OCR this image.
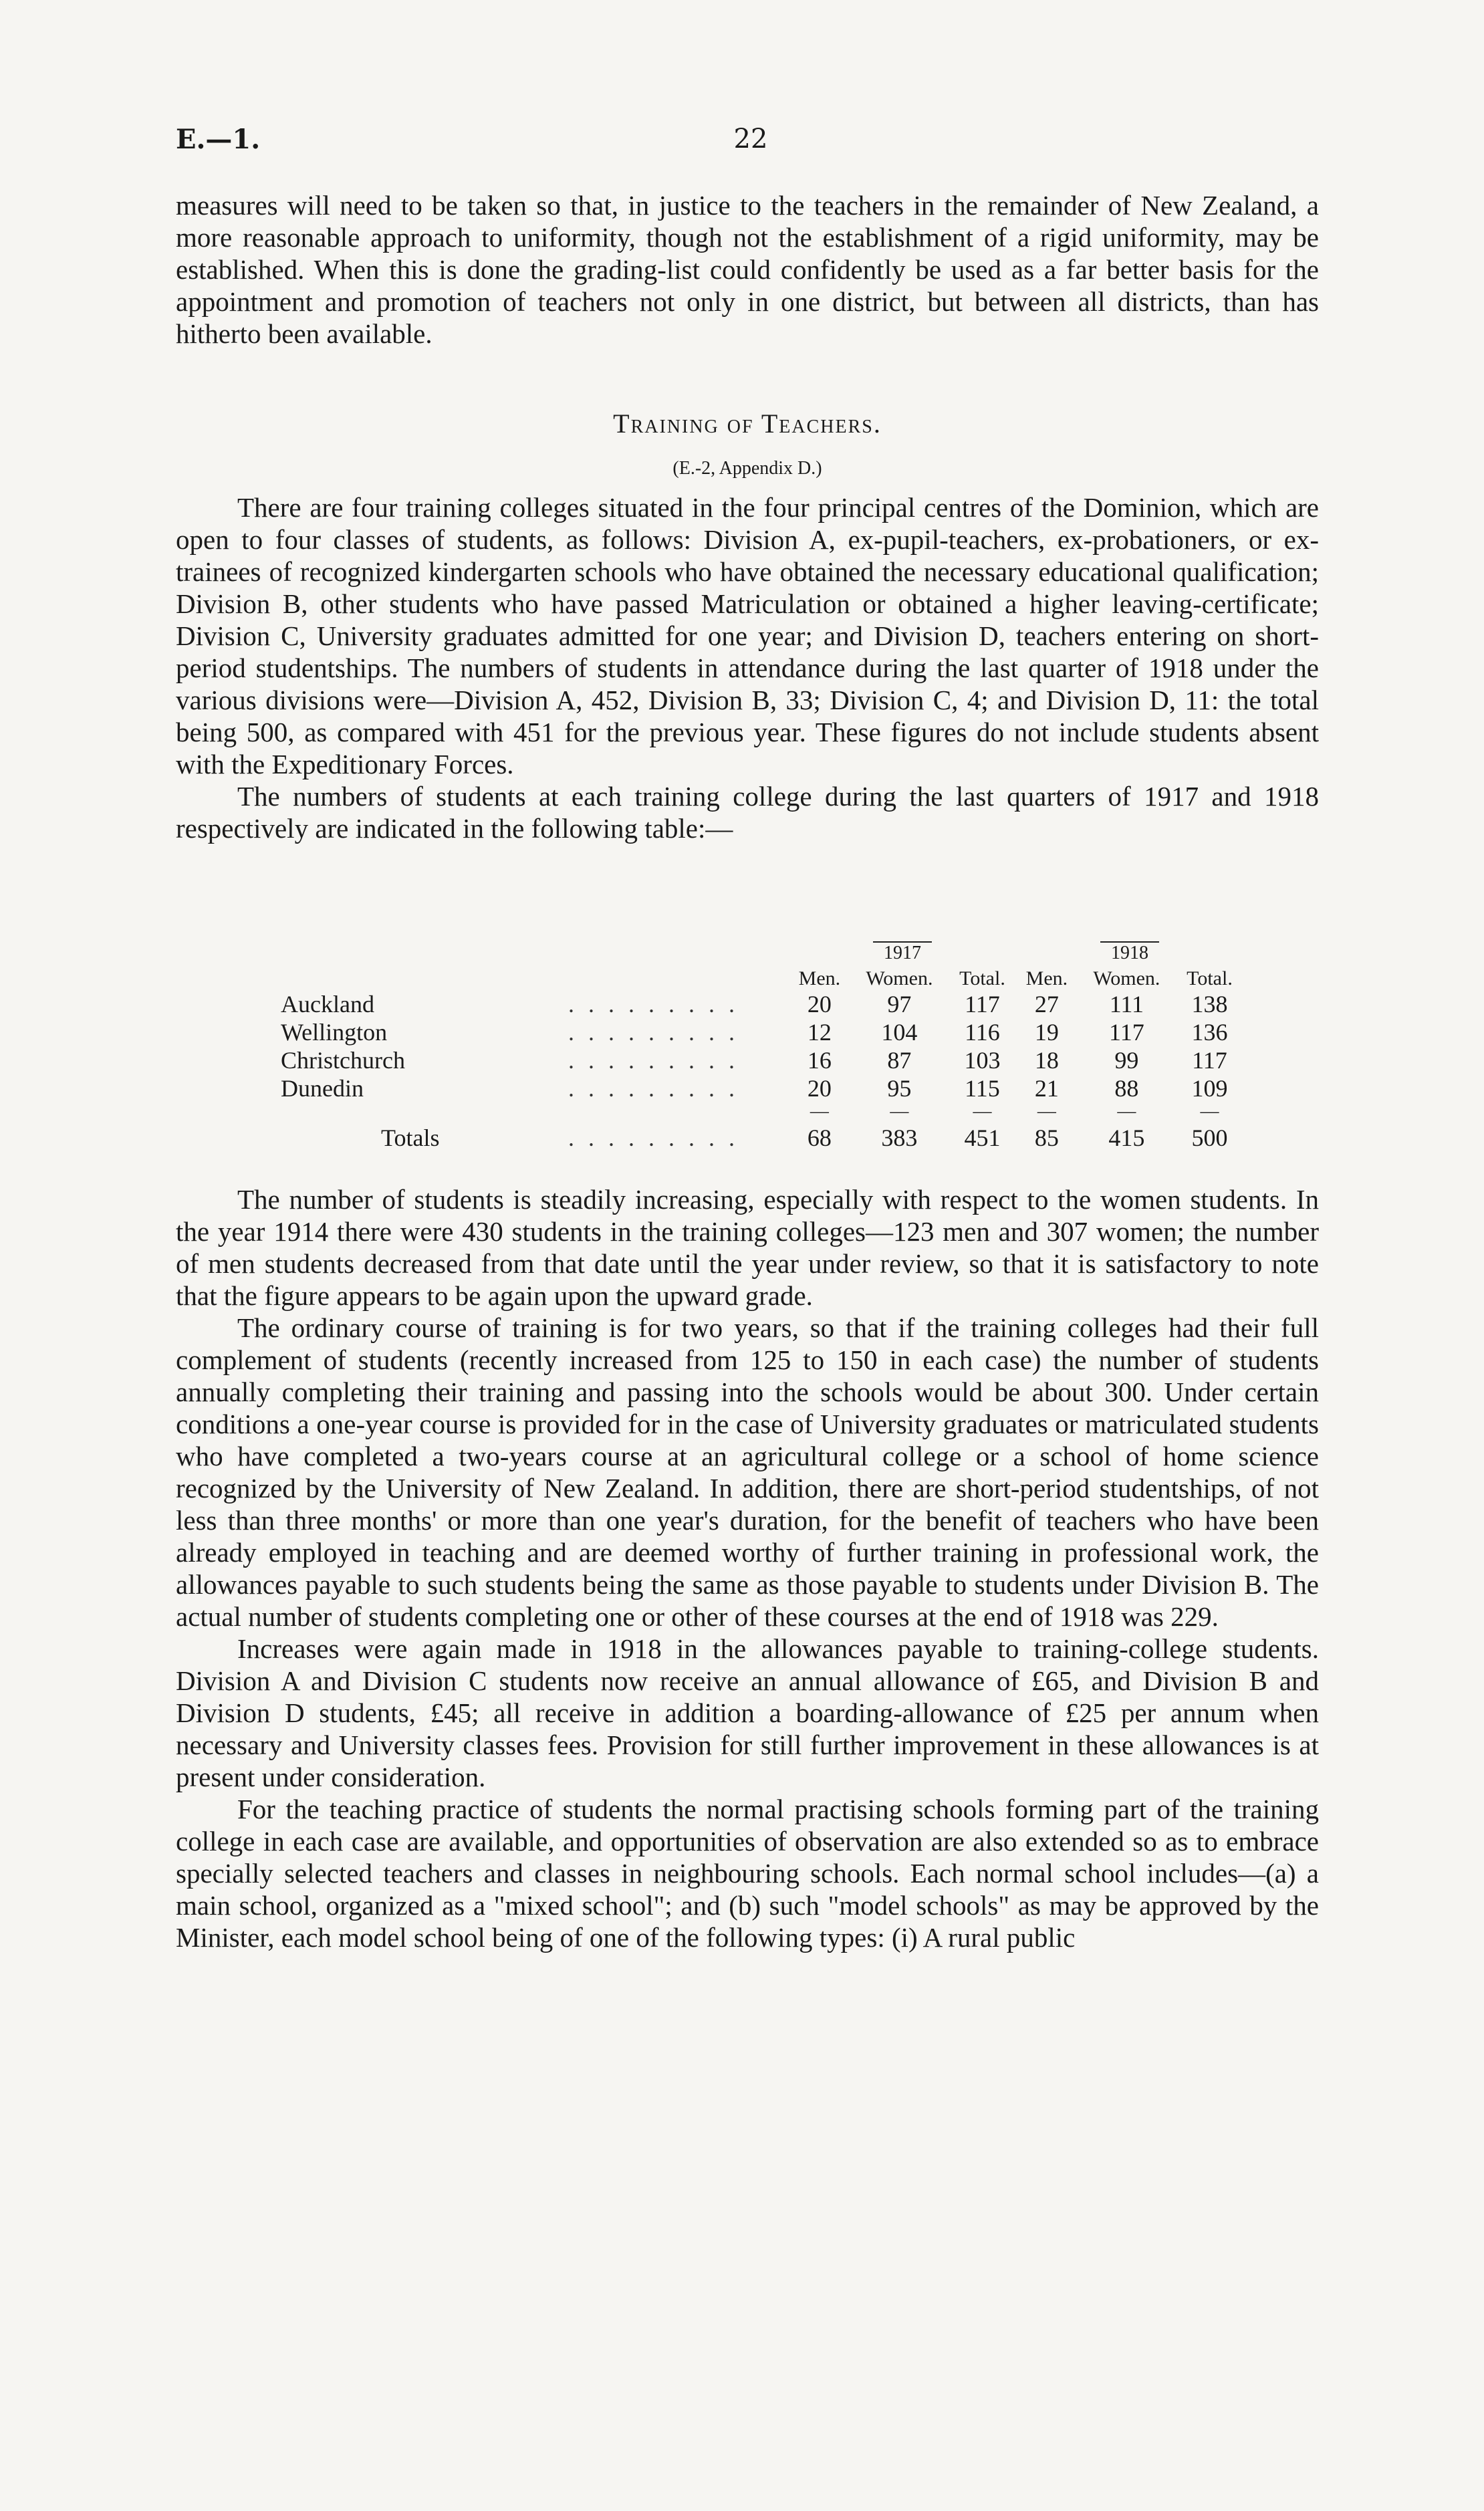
E.—1.	22

measures will need to be taken so that, in justice to the teachers in the remainder of New Zealand, a more reasonable approach to uniformity, though not the establishment of a rigid uniformity, may be established. When this is done the grading-list could confidently be used as a far better basis for the appointment and promotion of teachers not only in one district, but between all districts, than has hitherto been available.

Training of Teachers.
(E.-2, Appendix D.)

There are four training colleges situated in the four principal centres of the Dominion, which are open to four classes of students, as follows: Division A, ex-pupil-teachers, ex-probationers, or ex-trainees of recognized kindergarten schools who have obtained the necessary educational qualification; Division B, other students who have passed Matriculation or obtained a higher leaving-certificate; Division C, University graduates admitted for one year; and Division D, teachers entering on short-period studentships. The numbers of students in attendance during the last quarter of 1918 under the various divisions were—Division A, 452, Division B, 33; Division C, 4; and Division D, 11: the total being 500, as compared with 451 for the previous year. These figures do not include students absent with the Expeditionary Forces.

The numbers of students at each training college during the last quarters of 1917 and 1918 respectively are indicated in the following table:—

		1917			1918		
		Men.	Women.	Total.	Men.	Women.	Total.
Auckland	. . . . . . . . .	20	97	117	27	111	138
Wellington	. . . . . . . . .	12	104	116	19	117	136
Christchurch	. . . . . . . . .	16	87	103	18	99	117
Dunedin	. . . . . . . . .	20	95	115	21	88	109
		—	—	—	—	—	—
Totals	. . . . . . . . .	68	383	451	85	415	500

The number of students is steadily increasing, especially with respect to the women students. In the year 1914 there were 430 students in the training colleges—123 men and 307 women; the number of men students decreased from that date until the year under review, so that it is satisfactory to note that the figure appears to be again upon the upward grade.

The ordinary course of training is for two years, so that if the training colleges had their full complement of students (recently increased from 125 to 150 in each case) the number of students annually completing their training and passing into the schools would be about 300. Under certain conditions a one-year course is provided for in the case of University graduates or matriculated students who have completed a two-years course at an agricultural college or a school of home science recognized by the University of New Zealand. In addition, there are short-period studentships, of not less than three months' or more than one year's duration, for the benefit of teachers who have been already employed in teaching and are deemed worthy of further training in professional work, the allowances payable to such students being the same as those payable to students under Division B. The actual number of students completing one or other of these courses at the end of 1918 was 229.

Increases were again made in 1918 in the allowances payable to training-college students. Division A and Division C students now receive an annual allowance of £65, and Division B and Division D students, £45; all receive in addition a boarding-allowance of £25 per annum when necessary and University classes fees. Provision for still further improvement in these allowances is at present under consideration.

For the teaching practice of students the normal practising schools forming part of the training college in each case are available, and opportunities of observation are also extended so as to embrace specially selected teachers and classes in neighbouring schools. Each normal school includes—(a) a main school, organized as a "mixed school"; and (b) such "model schools" as may be approved by the Minister, each model school being of one of the following types: (i) A rural public
